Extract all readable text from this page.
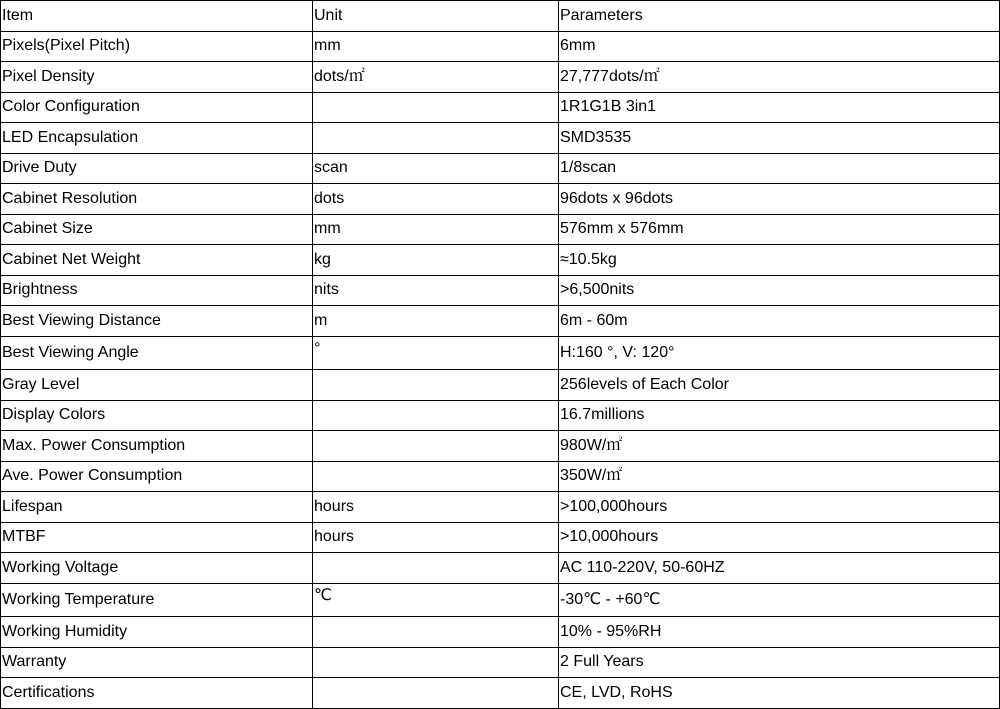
Item	Unit	Parameters
Pixels(Pixel Pitch)	mm	6mm
Pixel Density	dots/㎡	27,777dots/㎡
Color Configuration		1R1G1B 3in1
LED Encapsulation		SMD3535
Drive Duty	scan	1/8scan
Cabinet Resolution	dots	96dots x 96dots
Cabinet Size	mm	576mm x 576mm
Cabinet Net Weight	kg	≈10.5kg
Brightness	nits	>6,500nits
Best Viewing Distance	m	6m - 60m
Best Viewing Angle	°	H:160 °, V: 120°
Gray Level		256levels of Each Color
Display Colors		16.7millions
Max. Power Consumption		980W/㎡
Ave. Power Consumption		350W/㎡
Lifespan	hours	>100,000hours
MTBF	hours	>10,000hours
Working Voltage		AC 110-220V, 50-60HZ
Working Temperature	℃	-30℃ - +60℃
Working Humidity		10% - 95%RH
Warranty		2 Full Years
Certifications		CE, LVD, RoHS
